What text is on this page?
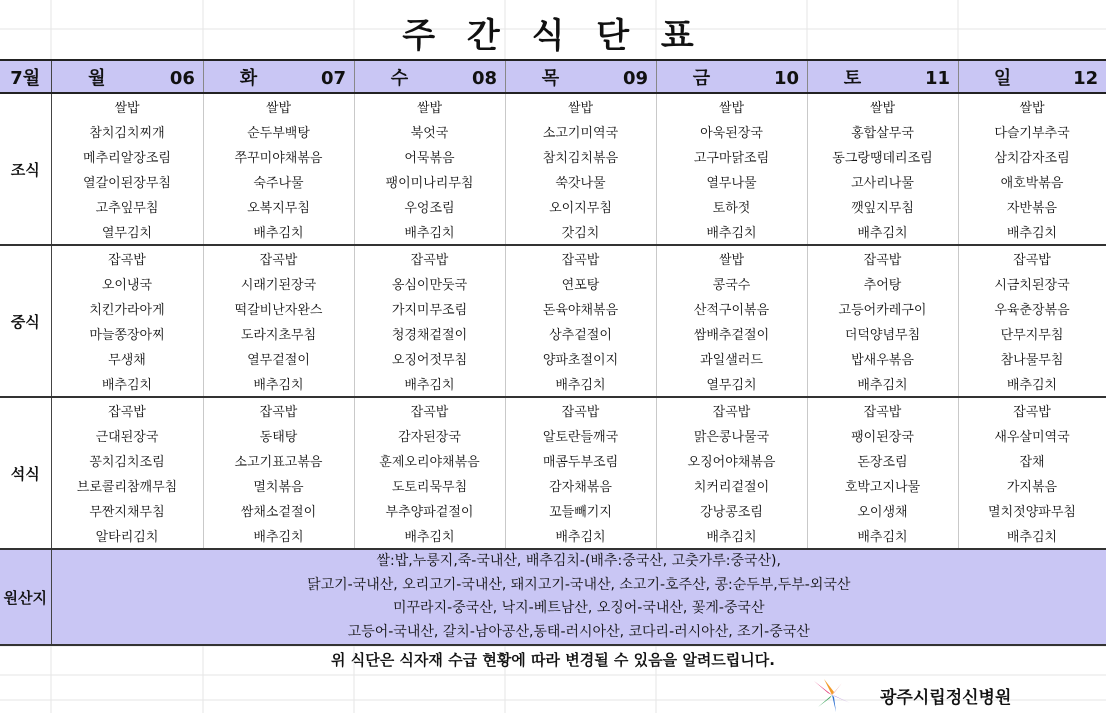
주 간 식 단 표
7월	월 06	화 07	수 08	목 09	금 10	토 11	일 12
조식	쌀밥	쌀밥	쌀밥	쌀밥	쌀밥	쌀밥	쌀밥
	참치김치찌개	순두부백탕	북엇국	소고기미역국	아욱된장국	홍합살무국	다슬기부추국
	메추리알장조림	쭈꾸미야채볶음	어묵볶음	참치김치볶음	고구마닭조림	동그랑땡데리조림	삼치감자조림
	열갈이된장무침	숙주나물	팽이미나리무침	쑥갓나물	열무나물	고사리나물	애호박볶음
	고추잎무침	오복지무침	우엉조림	오이지무침	토하젓	깻잎지무침	자반볶음
	열무김치	배추김치	배추김치	갓김치	배추김치	배추김치	배추김치
중식	잡곡밥	잡곡밥	잡곡밥	잡곡밥	쌀밥	잡곡밥	잡곡밥
	오이냉국	시래기된장국	옹심이만둣국	연포탕	콩국수	추어탕	시금치된장국
	치킨가라아게	떡갈비난자완스	가지미무조림	돈육야채볶음	산적구이볶음	고등어카레구이	우육춘장볶음
	마늘쫑장아찌	도라지초무침	청경채겉절이	상추겉절이	쌈배추겉절이	더덕양념무침	단무지무침
	무생채	열무겉절이	오징어젓무침	양파초절이지	과일샐러드	밥새우볶음	참나물무침
	배추김치	배추김치	배추김치	배추김치	열무김치	배추김치	배추김치
석식	잡곡밥	잡곡밥	잡곡밥	잡곡밥	잡곡밥	잡곡밥	잡곡밥
	근대된장국	동태탕	감자된장국	알토란들깨국	맑은콩나물국	팽이된장국	새우살미역국
	꽁치김치조림	소고기표고볶음	훈제오리야채볶음	매콤두부조림	오징어야채볶음	돈장조림	잡채
	브로콜리참깨무침	멸치볶음	도토리묵무침	감자채볶음	치커리겉절이	호박고지나물	가지볶음
	무짠지채무침	쌈채소겉절이	부추양파겉절이	꼬들빼기지	강낭콩조림	오이생채	멸치젓양파무침
	알타리김치	배추김치	배추김치	배추김치	배추김치	배추김치	배추김치
원산지	쌀:밥,누룽지,죽-국내산, 배추김치-(배추:중국산, 고춧가루:중국산),
닭고기-국내산, 오리고기-국내산, 돼지고기-국내산, 소고기-호주산, 콩:순두부,두부-외국산
미꾸라지-중국산, 낙지-베트남산, 오징어-국내산, 꽃게-중국산
고등어-국내산, 갈치-남아공산,동태-러시아산, 코다리-러시아산, 조기-중국산						
위 식단은 식자재 수급 현황에 따라 변경될 수 있음을 알려드립니다.
광주시립정신병원
